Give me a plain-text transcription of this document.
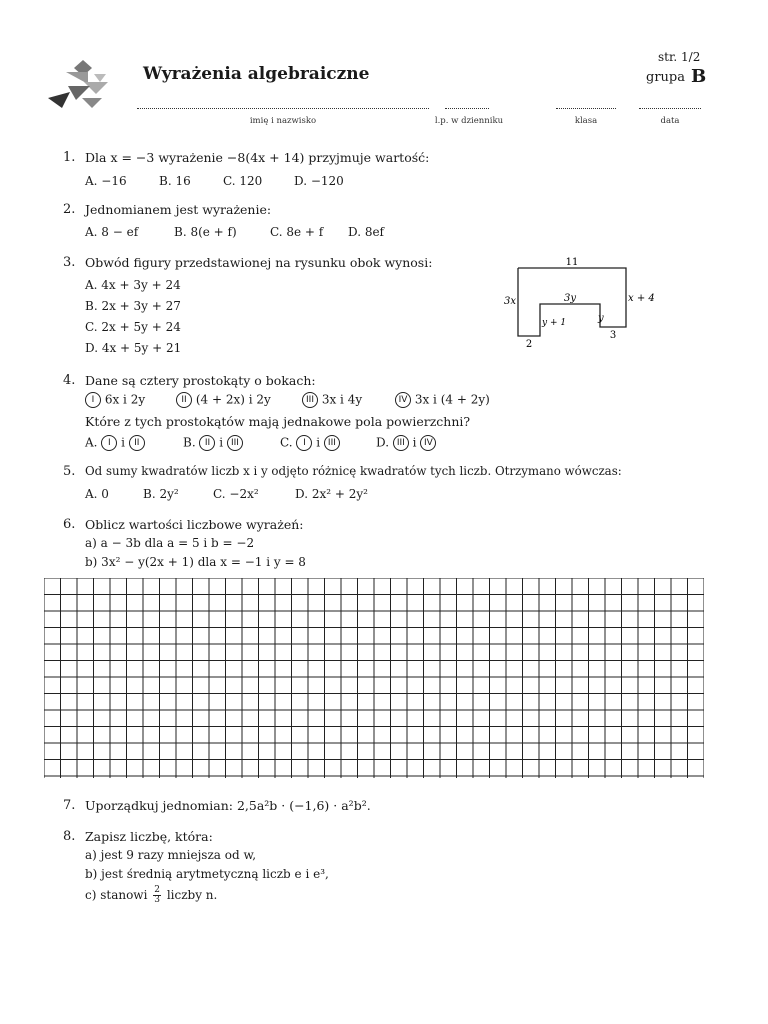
Wyrażenia algebraiczne
str. 1/2
grupa B
imię i nazwisko	l.p. w dzienniku	klasa	data
1. Dla x = −3 wyrażenie −8(4x + 14) przyjmuje wartość:
A. −16	B. 16	C. 120	D. −120
2. Jednomianem jest wyrażenie:
A. 8 − ef	B. 8(e + f)	C. 8e + f D. 8ef
3. Obwód figury przedstawionej na rysunku obok wynosi:
A. 4x + 3y + 24
B. 2x + 3y + 27
C. 2x + 5y + 24
D. 4x + 5y + 21
11
3x	x + 4
3y
y + 1	y
2
3
4. Dane są cztery prostokąty o bokach:
I 6x i 2y	II (4 + 2x) i 2y	III 3x i 4y	IV 3x i (4 + 2y)
Które z tych prostokątów mają jednakowe pola powierzchni?
A. I i II	B. II i III	C. I i III	D. III i IV
5. Od sumy kwadratów liczb x i y odjęto różnicę kwadratów tych liczb. Otrzymano wówczas:
A. 0	B. 2y²	C. −2x²	D. 2x² + 2y²
6. Oblicz wartości liczbowe wyrażeń:
a) a − 3b dla a = 5 i b = −2
b) 3x² − y(2x + 1) dla x = −1 i y = 8
7. Uporządkuj jednomian: 2,5a²b · (−1,6) · a²b².
8. Zapisz liczbę, która:
a) jest 9 razy mniejsza od w,
b) jest średnią arytmetyczną liczb e i e³,
c) stanowi $\frac{2}{3}$ liczby n.
